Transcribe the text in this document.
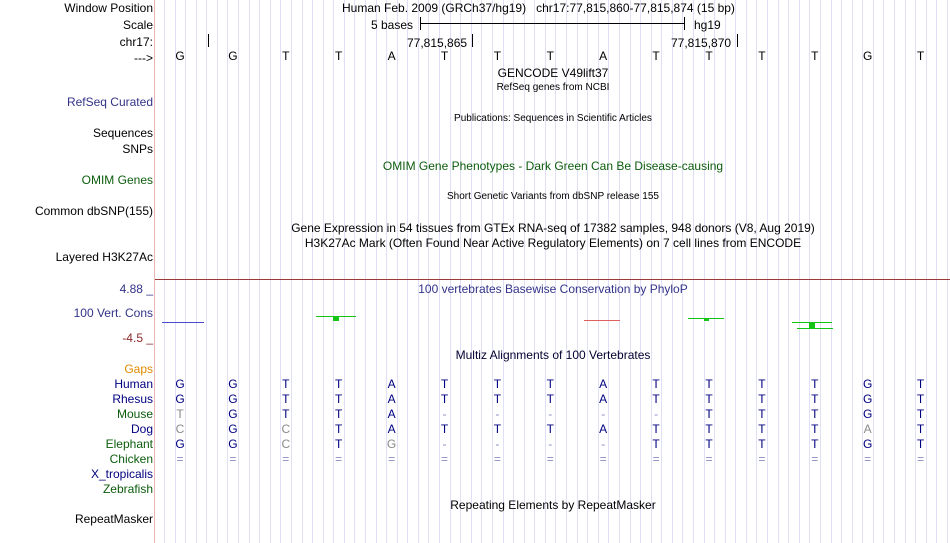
Window Position	Human Feb. 2009 (GRCh37/hg19)   chr17:77,815,860-77,815,874 (15 bp)
Scale	5 bases	hg19
chr17:	77,815,865	77,815,870
--->	G	G	T	T	A	T	T	T	A	T	T	T	T	G	T
GENCODE V49lift37
RefSeq genes from NCBI
RefSeq Curated
Publications: Sequences in Scientific Articles
Sequences
SNPs
OMIM Gene Phenotypes - Dark Green Can Be Disease-causing
OMIM Genes
Short Genetic Variants from dbSNP release 155
Common dbSNP(155)
Gene Expression in 54 tissues from GTEx RNA-seq of 17382 samples, 948 donors (V8, Aug 2019)
H3K27Ac Mark (Often Found Near Active Regulatory Elements) on 7 cell lines from ENCODE
Layered H3K27Ac
4.88 _	100 vertebrates Basewise Conservation by PhyloP
100 Vert. Cons
-4.5 _
Multiz Alignments of 100 Vertebrates
Gaps
Human	G	G	T	T	A	T	T	T	A	T	T	T	T	G	T
Rhesus	G	G	T	T	A	T	T	T	A	T	T	T	T	G	T
Mouse	T	G	T	T	A	-	-	-	-	-	T	T	T	G	T
Dog	C	G	C	T	A	T	T	T	A	T	T	T	T	A	T
Elephant	G	G	C	T	G	-	-	-	-	T	T	T	T	G	T
Chicken	=	=	=	=	=	=	=	=	=	=	=	=	=	=	=
X_tropicalis
Zebrafish
Repeating Elements by RepeatMasker
RepeatMasker
